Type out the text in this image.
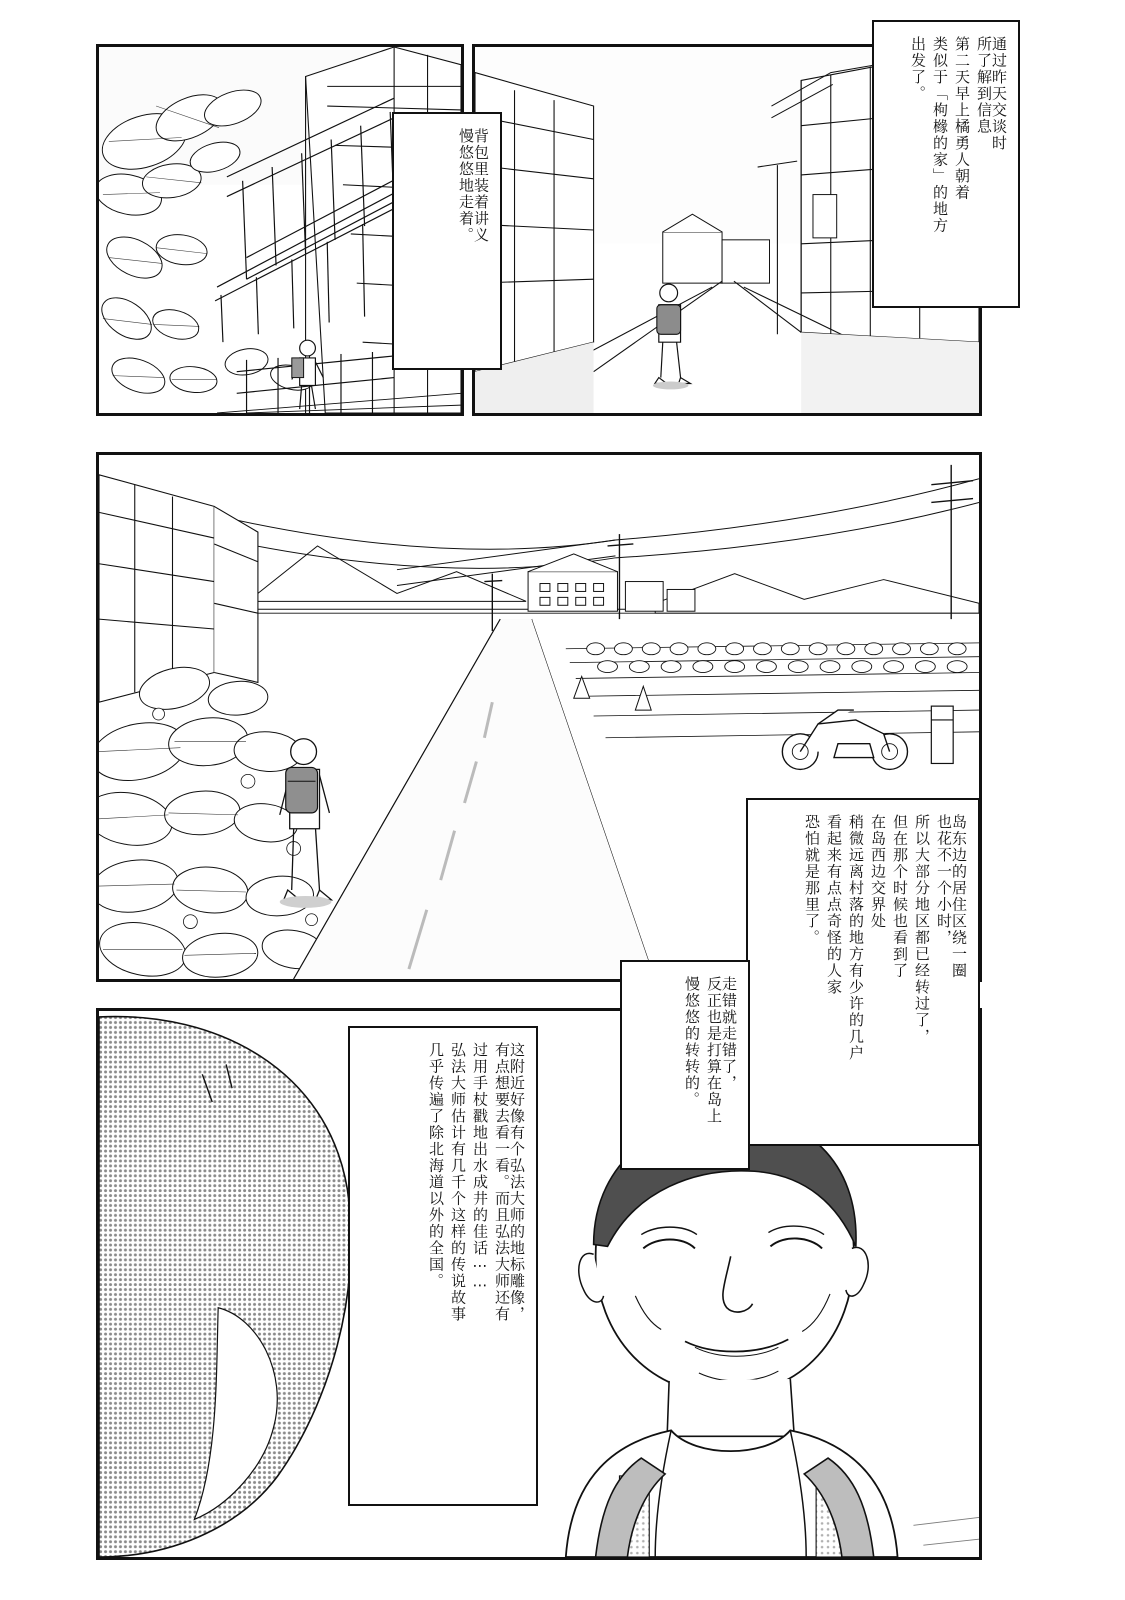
通过昨天交谈时
所了解到信息
第二天早上橘勇人朝着
类似于「枸橼的家」的地方
出发了。
背包里装着讲义
慢悠悠地走着。
岛东边的居住区绕一圈
也花不一个小时，
所以大部分地区都已经转过了，
但在那个时候也看到了
在岛西边交界处
稍微远离村落的地方有少许的几户
看起来有点点奇怪的人家
恐怕就是那里了。
走错就走错了，
反正也是打算在岛上
慢悠悠的转转的。
这附近好像有个弘法大师的地标雕像，
有点想要去看一看。而且弘法大师还有
过用手杖戳地出水成井的佳话⋯⋯
弘法大师估计有几千个这样的传说故事
几乎传遍了除北海道以外的全国。
